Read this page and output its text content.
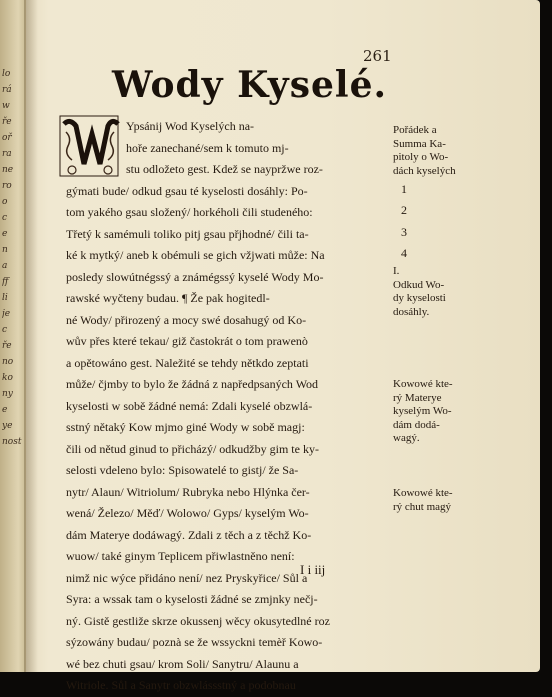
lo
rá
w
ře
oř
ra
ne
ro
o
c
e
n
a
ff
li
je
c
ře
no
ko
ny
e
ye
nost
261
Wody Kyselé.
Ypsánij Wod Kyselých na-
hoře zanechané/sem k tomuto mj-
stu odložeto gest. Kdež se naypržwe roz-
gýmati bude/ odkud gsau té kyselosti dosáhly: Po-
tom yakého gsau složený/ horkéholi čili studeného:
Třetý k samémuli toliko pitj gsau přjhodné/ čili ta-
ké k mytký/ aneb k obémuli se gich vžjwati může: Na
posledy slowútnégssý a známégssý kyselé Wody Mo-
rawské wyčteny budau. ¶ Že pak hogitedl-
né Wody/ přirozený a mocy swé dosahugý od Ko-
wův přes které tekau/ giž častokrát o tom prawenò
a opětowáno gest. Naležité se tehdy nětkdo zeptati
může/ čjmby to bylo že žádná z napředpsaných Wod
kyselosti w sobě žádné nemá: Zdali kyselé obzwlá-
sstný nětaký Kow mjmo giné Wody w sobě magj:
čili od nětud ginud to přicházý/ odkudžby gim te ky-
selosti vdeleno bylo: Spisowatelé to gistj/ že Sa-
nytr/ Alaun/ Witriolum/ Rubryka nebo Hlýnka čer-
wená/ Železo/ Měď/ Wolowo/ Gyps/ kyselým Wo-
dám Materye dodáwagý. Zdali z těch a z těchž Ko-
wuow/ také ginym Teplicem přiwlastněno není:
nimž nic wýce přidáno není/ nez Pryskyřice/ Sůl a
Syra: a wssak tam o kyselosti žádné se zmjnky nečj-
ný. Gistě gestliže skrze okussenj wěcy okusytedlné roz
sýzowány budau/ poznà se že wssyckni temèř Kowo-
wé bez chuti gsau/ krom Soli/ Sanytru/ Alaunu a
Witriole. Sůl a Sanytr obzwlássstný a podobnau
Pořádek a
Summa Ka-
pitoly o Wo-
dách kyselých
1
2
3
4
I.
Odkud Wo-
dy kyselosti
dosáhly.
Kowowé kte-
rý Materye
kyselým Wo-
dám dodá-
wagý.
Kowowé kte-
rý chut magý
I i iij
